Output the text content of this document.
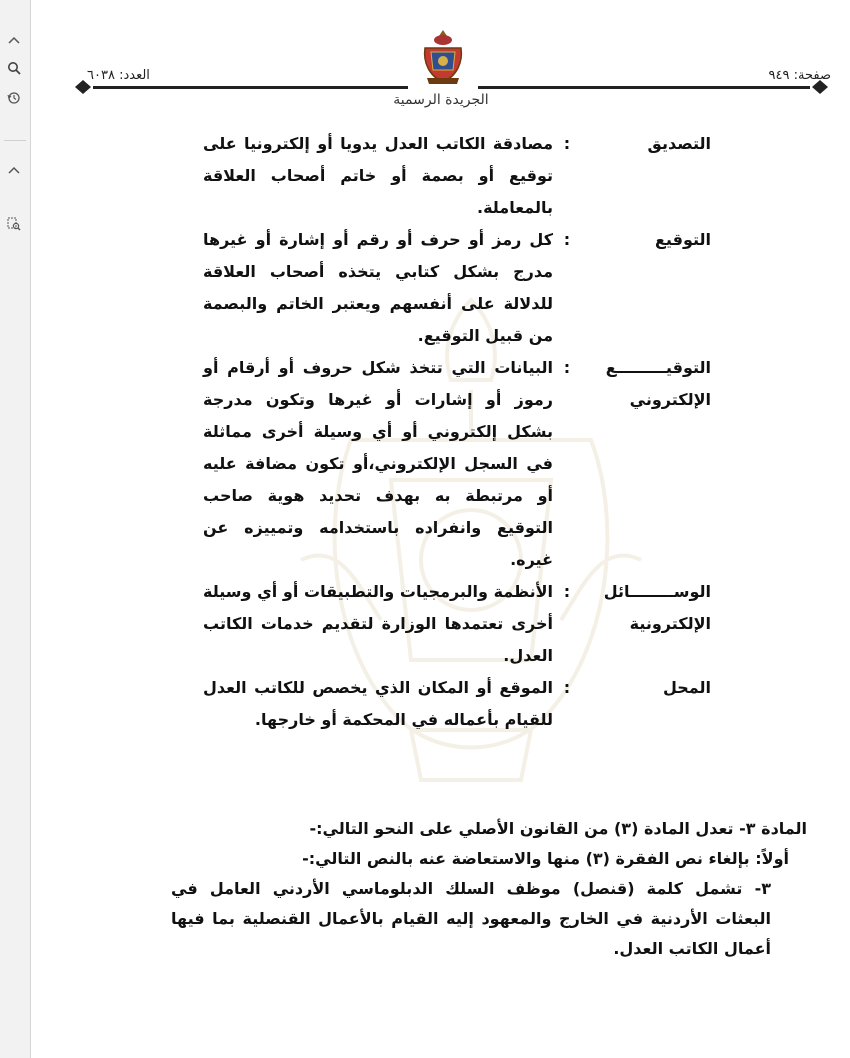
صفحة: ٩٤٩
العدد: ٦٠٣٨
الجريدة الرسمية
التصديق
:
مصادقة الكاتب العدل يدويا أو إلكترونيا على توقيع أو بصمة أو خاتم أصحاب العلاقة بالمعاملة.
التوقيع
:
كل رمز أو حرف أو رقم أو إشارة أو غيرها مدرج بشكل كتابي يتخذه أصحاب العلاقة للدلالة على أنفسهم ويعتبر الخاتم والبصمة من قبيل التوقيع.
التوقيـــــــــع
الإلكتروني
:
البيانات التي تتخذ شكل حروف أو أرقام أو رموز أو إشارات أو غيرها وتكون مدرجة بشكل إلكتروني أو أي وسيلة أخرى مماثلة في السجل الإلكتروني،أو تكون مضافة عليه أو مرتبطة به بهدف تحديد هوية صاحب التوقيع وانفراده باستخدامه وتمييزه عن غيره.
الوســــــــائل
الإلكترونية
:
الأنظمة والبرمجيات والتطبيقات أو أي وسيلة أخرى تعتمدها الوزارة لتقديم خدمات الكاتب العدل.
المحل
:
الموقع أو المكان الذي يخصص للكاتب العدل للقيام بأعماله في المحكمة أو خارجها.

المادة ٣- تعدل المادة (٣) من القانون الأصلي على النحو التالي:-

أولاً: بإلغاء نص الفقرة (٣) منها والاستعاضة عنه بالنص التالي:-

٣- تشمل كلمة (قنصل) موظف السلك الدبلوماسي الأردني العامل في البعثات الأردنية في الخارج والمعهود إليه القيام بالأعمال القنصلية بما فيها أعمال الكاتب العدل.
